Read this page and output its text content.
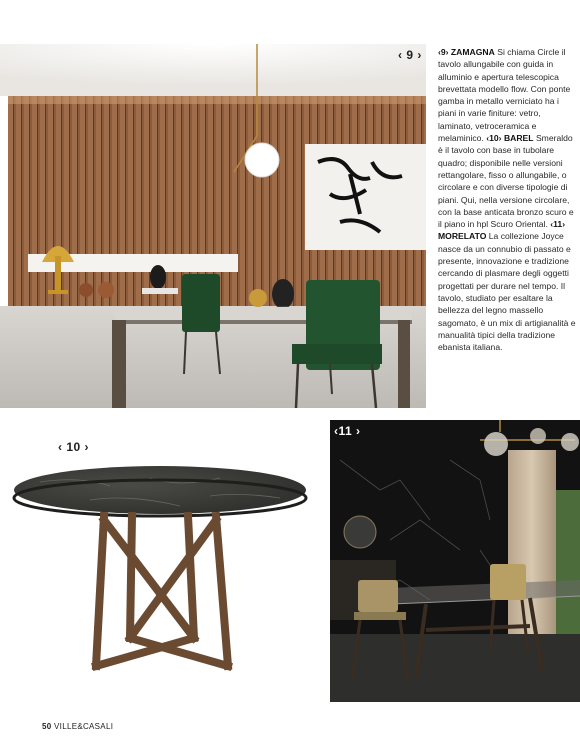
‹ 9 ›
‹ 10 ›
‹11 ›
‹9› ZAMAGNA Si chiama Circle il tavolo allungabile con guida in alluminio e apertura telescopica brevettata modello flow. Con ponte gamba in metallo verniciato ha i piani in varie finiture: vetro, laminato, vetroceramica e melaminico. ‹10› BAREL Smeraldo è il tavolo con base in tubolare quadro; disponibile nelle versioni rettangolare, fisso o allungabile, o circolare e con diverse tipologie di piani. Qui, nella versione circolare, con la base anticata bronzo scuro e il piano in hpl Scuro Oriental. ‹11› MORELATO La collezione Joyce nasce da un connubio di passato e presente, innovazione e tradizione cercando di plasmare degli oggetti progettati per durare nel tempo. Il tavolo, studiato per esaltare la bellezza del legno massello sagomato, è un mix di artigianalità e manualità tipici della tradizione ebanista italiana.
50 VILLE&CASALI
